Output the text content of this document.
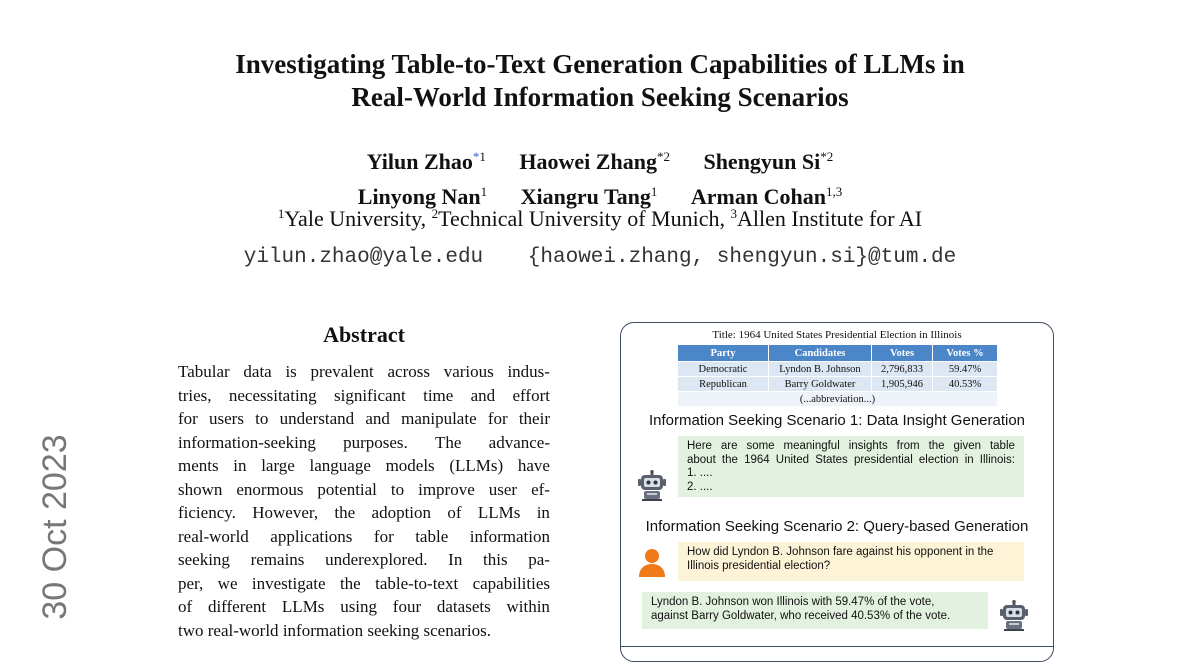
Investigating Table-to-Text Generation Capabilities of LLMs in
Real-World Information Seeking Scenarios
Yilun Zhao$^{*1}$ Haowei Zhang$^{*2}$ Shengyun Si$^{*2}$
Linyong Nan$^1$ Xiangru Tang$^1$ Arman Cohan$^{1,3}$
$^1$Yale University, $^2$Technical University of Munich, $^3$Allen Institute for AI
yilun.zhao@yale.edu {haowei.zhang, shengyun.si}@tum.de
30 Oct 2023
Abstract
Tabular data is prevalent across various indus-
tries, necessitating significant time and effort
for users to understand and manipulate for their
information-seeking purposes. The advance-
ments in large language models (LLMs) have
shown enormous potential to improve user ef-
ficiency. However, the adoption of LLMs in
real-world applications for table information
seeking remains underexplored. In this pa-
per, we investigate the table-to-text capabilities
of different LLMs using four datasets within
two real-world information seeking scenarios.
Title: 1964 United States Presidential Election in Illinois
Party	Candidates	Votes	Votes %
Democratic	Lyndon B. Johnson	2,796,833	59.47%
Republican	Barry Goldwater	1,905,946	40.53%
(...abbreviation...)			
Information Seeking Scenario 1: Data Insight Generation
Here are some meaningful insights from the given table
about the 1964 United States presidential election in Illinois:
1. ....
2. ....
Information Seeking Scenario 2: Query-based Generation
How did Lyndon B. Johnson fare against his opponent in the
Illinois presidential election?
Lyndon B. Johnson won Illinois with 59.47% of the vote,
against Barry Goldwater, who received 40.53% of the vote.
